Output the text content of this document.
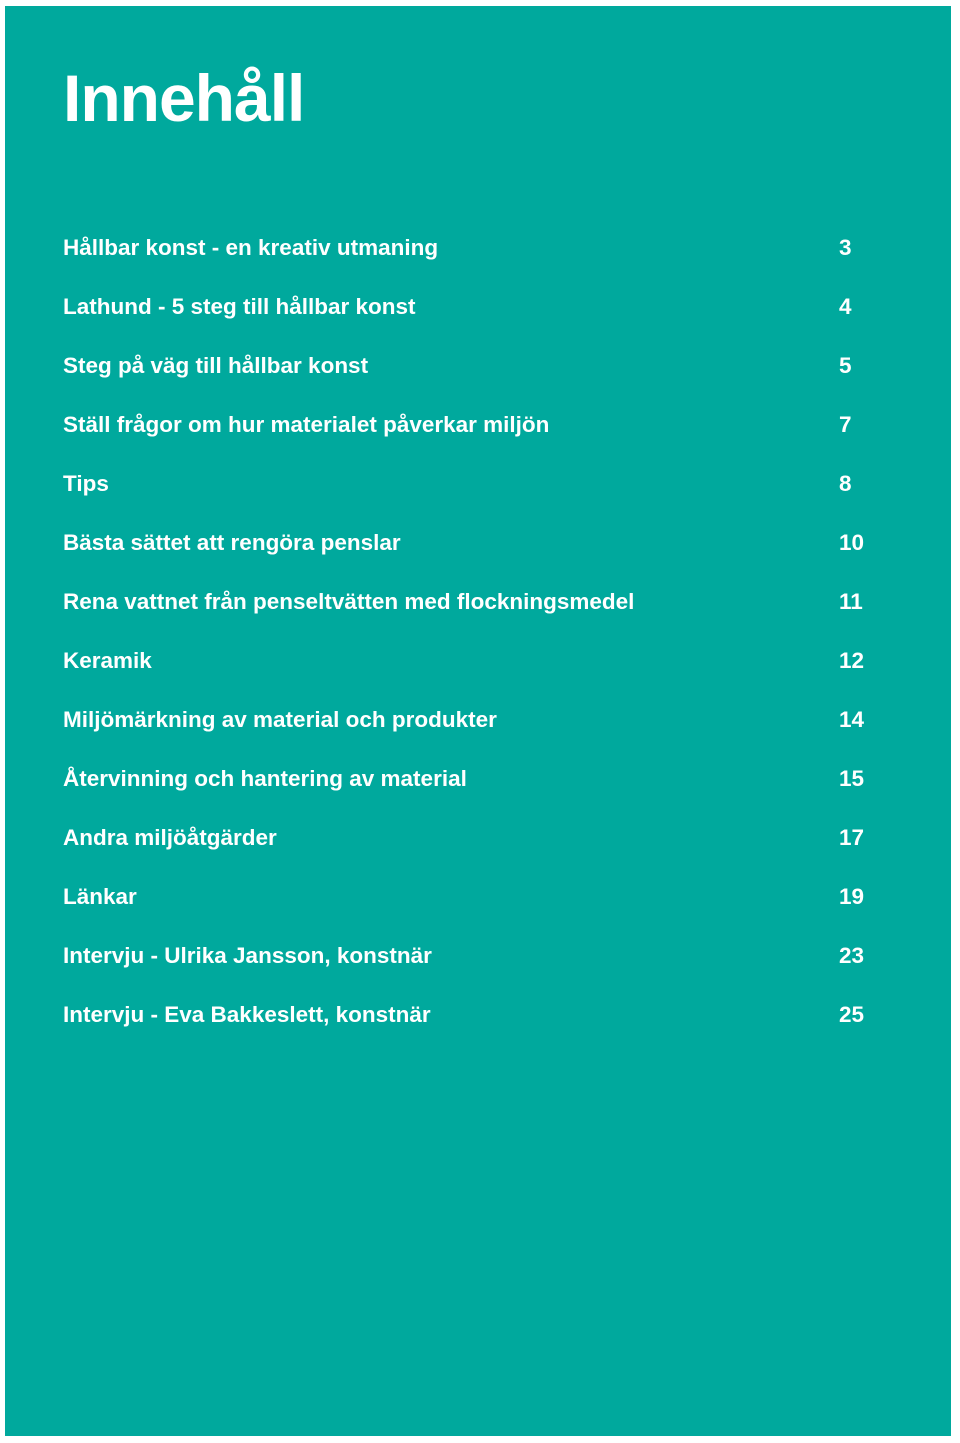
Innehåll
Hållbar konst - en kreativ utmaning	3
Lathund - 5 steg till hållbar konst	4
Steg på väg till hållbar konst	5
Ställ frågor om hur materialet påverkar miljön	7
Tips	8
Bästa sättet att rengöra penslar	10
Rena vattnet från penseltvätten med flockningsmedel	11
Keramik	12
Miljömärkning av material och produkter	14
Återvinning och hantering av material	15
Andra miljöåtgärder	17
Länkar	19
Intervju - Ulrika Jansson, konstnär	23
Intervju - Eva Bakkeslett, konstnär	25
